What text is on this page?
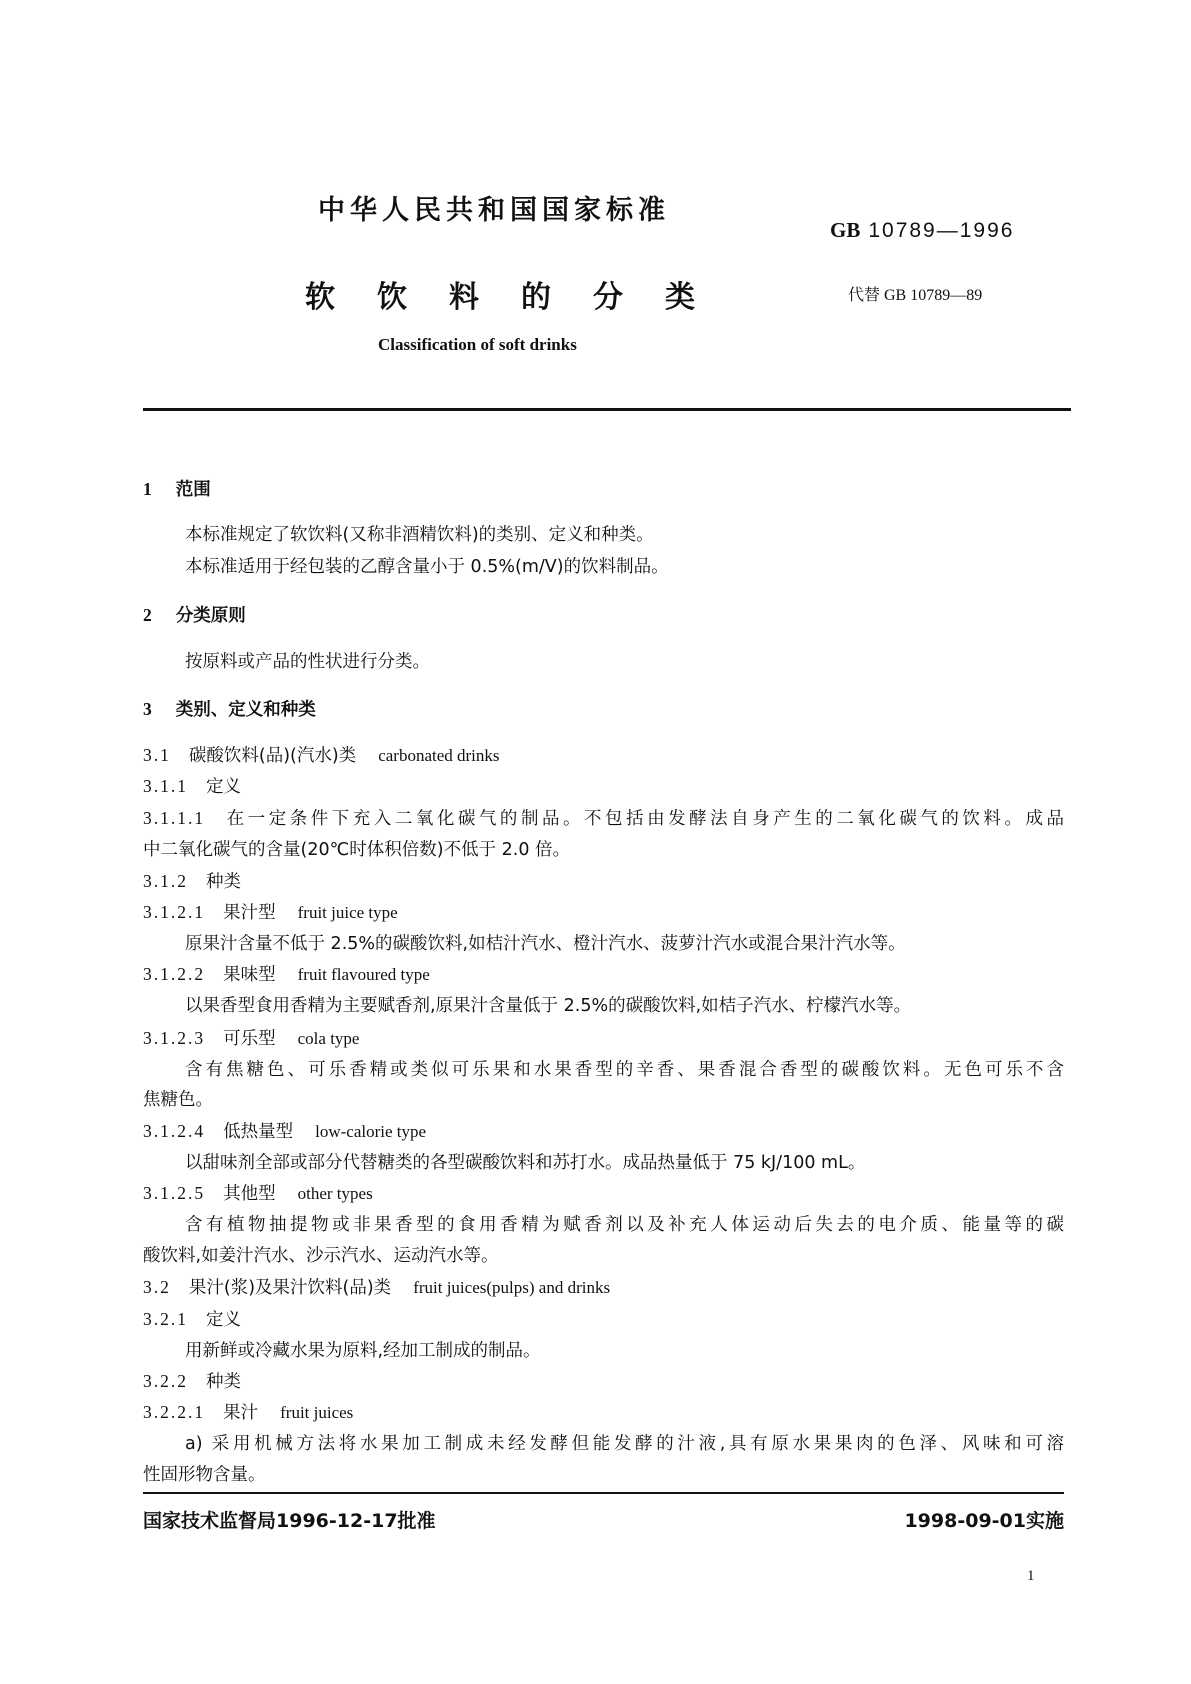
中华人民共和国国家标准
GB 10789—1996
软饮料的分类	代替 GB 10789—89
Classification of soft drinks
1 范围
本标准规定了软饮料(又称非酒精饮料)的类别、定义和种类。
本标准适用于经包装的乙醇含量小于 0.5%(m/V)的饮料制品。
2 分类原则
按原料或产品的性状进行分类。
3 类别、定义和种类
3.1 碳酸饮料(品)(汽水)类 carbonated drinks
3.1.1 定义
3.1.1.1 在一定条件下充入二氧化碳气的制品。不包括由发酵法自身产生的二氧化碳气的饮料。成品
中二氧化碳气的含量(20℃时体积倍数)不低于 2.0 倍。
3.1.2 种类
3.1.2.1 果汁型 fruit juice type
原果汁含量不低于 2.5%的碳酸饮料,如桔汁汽水、橙汁汽水、菠萝汁汽水或混合果汁汽水等。
3.1.2.2 果味型 fruit flavoured type
以果香型食用香精为主要赋香剂,原果汁含量低于 2.5%的碳酸饮料,如桔子汽水、柠檬汽水等。
3.1.2.3 可乐型 cola type
含有焦糖色、可乐香精或类似可乐果和水果香型的辛香、果香混合香型的碳酸饮料。无色可乐不含
焦糖色。
3.1.2.4 低热量型 low-calorie type
以甜味剂全部或部分代替糖类的各型碳酸饮料和苏打水。成品热量低于 75 kJ/100 mL。
3.1.2.5 其他型 other types
含有植物抽提物或非果香型的食用香精为赋香剂以及补充人体运动后失去的电介质、能量等的碳
酸饮料,如姜汁汽水、沙示汽水、运动汽水等。
3.2 果汁(浆)及果汁饮料(品)类 fruit juices(pulps) and drinks
3.2.1 定义
用新鲜或冷藏水果为原料,经加工制成的制品。
3.2.2 种类
3.2.2.1 果汁 fruit juices
a) 采用机械方法将水果加工制成未经发酵但能发酵的汁液,具有原水果果肉的色泽、风味和可溶
性固形物含量。
国家技术监督局1996-12-17批准	1998-09-01实施
1
